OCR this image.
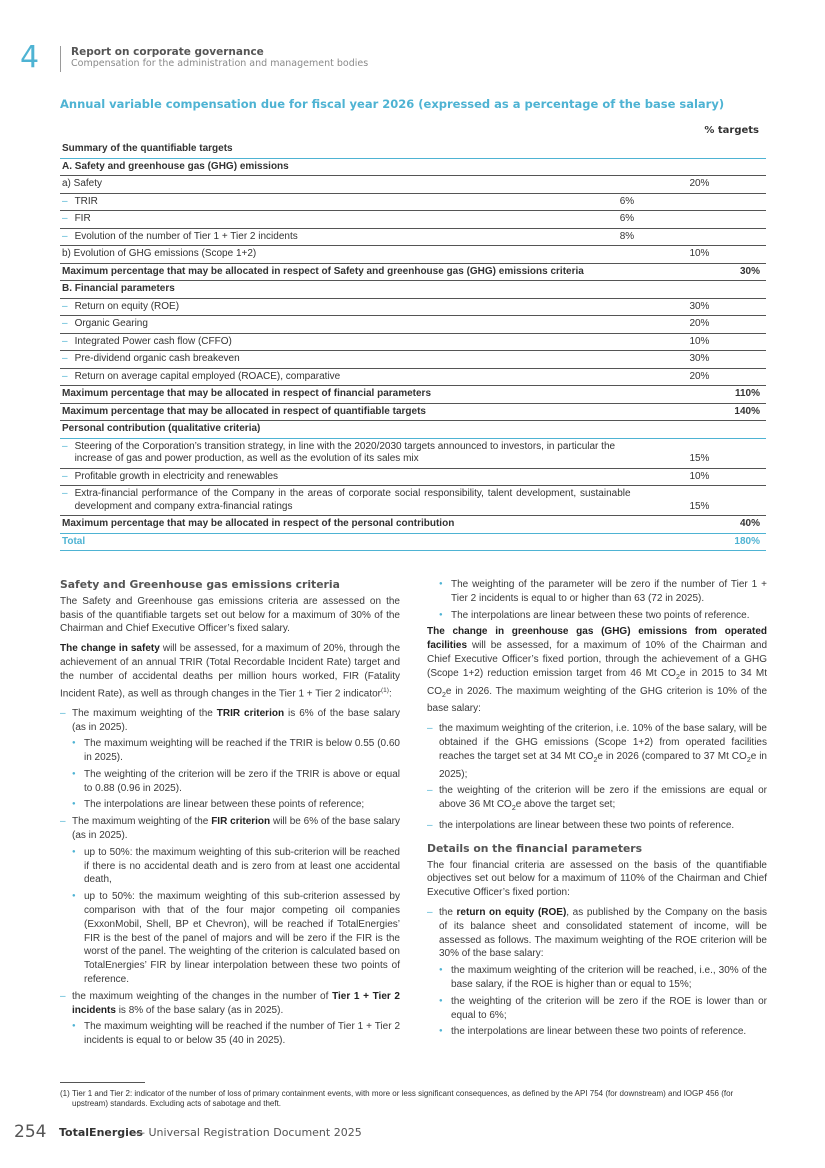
4	Report on corporate governance
Compensation for the administration and management bodies
Annual variable compensation due for fiscal year 2026 (expressed as a percentage of the base salary)
% targets
Summary of the quantifiable targets			
A. Safety and greenhouse gas (GHG) emissions			
a) Safety		20%	
– TRIR	6%		
– FIR	6%		
– Evolution of the number of Tier 1 + Tier 2 incidents	8%		
b) Evolution of GHG emissions (Scope 1+2)		10%	
Maximum percentage that may be allocated in respect of Safety and greenhouse gas (GHG) emissions criteria			30%
B. Financial parameters			
– Return on equity (ROE)		30%	
– Organic Gearing		20%	
– Integrated Power cash flow (CFFO)		10%	
– Pre-dividend organic cash breakeven		30%	
– Return on average capital employed (ROACE), comparative		20%	
Maximum percentage that may be allocated in respect of financial parameters			110%
Maximum percentage that may be allocated in respect of quantifiable targets			140%
Personal contribution (qualitative criteria)			

– Steering of the Corporation’s transition strategy, in line with the 2020/2030 targets announced to investors, in particular the increase of gas and power production, as well as the evolution of its sales mix		15%	
– Profitable growth in electricity and renewables		10%	

– Extra-financial performance of the Company in the areas of corporate social responsibility, talent development, sustainable development and company extra-financial ratings		15%	
Maximum percentage that may be allocated in respect of the personal contribution			40%
Total			180%
Safety and Greenhouse gas emissions criteria

The Safety and Greenhouse gas emissions criteria are assessed on the basis of the quantifiable targets set out below for a maximum of 30% of the Chairman and Chief Executive Officer’s fixed salary.

The change in safety will be assessed, for a maximum of 20%, through the achievement of an annual TRIR (Total Recordable Incident Rate) target and the number of accidental deaths per million hours worked, FIR (Fatality Incident Rate), as well as through changes in the Tier 1 + Tier 2 indicator$^{(1)}$:

– The maximum weighting of the TRIR criterion is 6% of the base salary (as in 2025).
● The maximum weighting will be reached if the TRIR is below 0.55 (0.60 in 2025).
● The weighting of the criterion will be zero if the TRIR is above or equal to 0.88 (0.96 in 2025).
● The interpolations are linear between these points of reference;
– The maximum weighting of the FIR criterion will be 6% of the base salary (as in 2025).
● up to 50%: the maximum weighting of this sub-criterion will be reached if there is no accidental death and is zero from at least one accidental death,
● up to 50%: the maximum weighting of this sub-criterion assessed by comparison with that of the four major competing oil companies (ExxonMobil, Shell, BP et Chevron), will be reached if TotalEnergies’ FIR is the best of the panel of majors and will be zero if the FIR is the worst of the panel. The weighting of the criterion is calculated based on TotalEnergies’ FIR by linear interpolation between these two points of reference.
– the maximum weighting of the changes in the number of Tier 1 + Tier 2 incidents is 8% of the base salary (as in 2025).
● The maximum weighting will be reached if the number of Tier 1 + Tier 2 incidents is equal to or below 35 (40 in 2025).
● The weighting of the parameter will be zero if the number of Tier 1 + Tier 2 incidents is equal to or higher than 63 (72 in 2025).
● The interpolations are linear between these two points of reference.

The change in greenhouse gas (GHG) emissions from operated facilities will be assessed, for a maximum of 10% of the Chairman and Chief Executive Officer’s fixed portion, through the achievement of a GHG (Scope 1+2) reduction emission target from 46 Mt $CO_2e$ in 2015 to 34 Mt $CO_2e$ in 2026. The maximum weighting of the GHG criterion is 10% of the base salary:

– the maximum weighting of the criterion, i.e. 10% of the base salary, will be obtained if the GHG emissions (Scope 1+2) from operated facilities reaches the target set at 34 Mt $CO_2e$ in 2026 (compared to 37 Mt $CO_2e$ in 2025);
– the weighting of the criterion will be zero if the emissions are equal or above 36 Mt $CO_2e$ above the target set;
– the interpolations are linear between these two points of reference.
Details on the financial parameters

The four financial criteria are assessed on the basis of the quantifiable objectives set out below for a maximum of 110% of the Chairman and Chief Executive Officer’s fixed portion:

– the return on equity (ROE), as published by the Company on the basis of its balance sheet and consolidated statement of income, will be assessed as follows. The maximum weighting of the ROE criterion will be 30% of the base salary:
● the maximum weighting of the criterion will be reached, i.e., 30% of the base salary, if the ROE is higher than or equal to 15%;
● the weighting of the criterion will be zero if the ROE is lower than or equal to 6%;
● the interpolations are linear between these two points of reference.
(1) Tier 1 and Tier 2: indicator of the number of loss of primary containment events, with more or less significant consequences, as defined by the API 754 (for downstream) and IOGP 456 (for upstream) standards. Excluding acts of sabotage and theft.
254 TotalEnergies
— Universal Registration Document 2025
